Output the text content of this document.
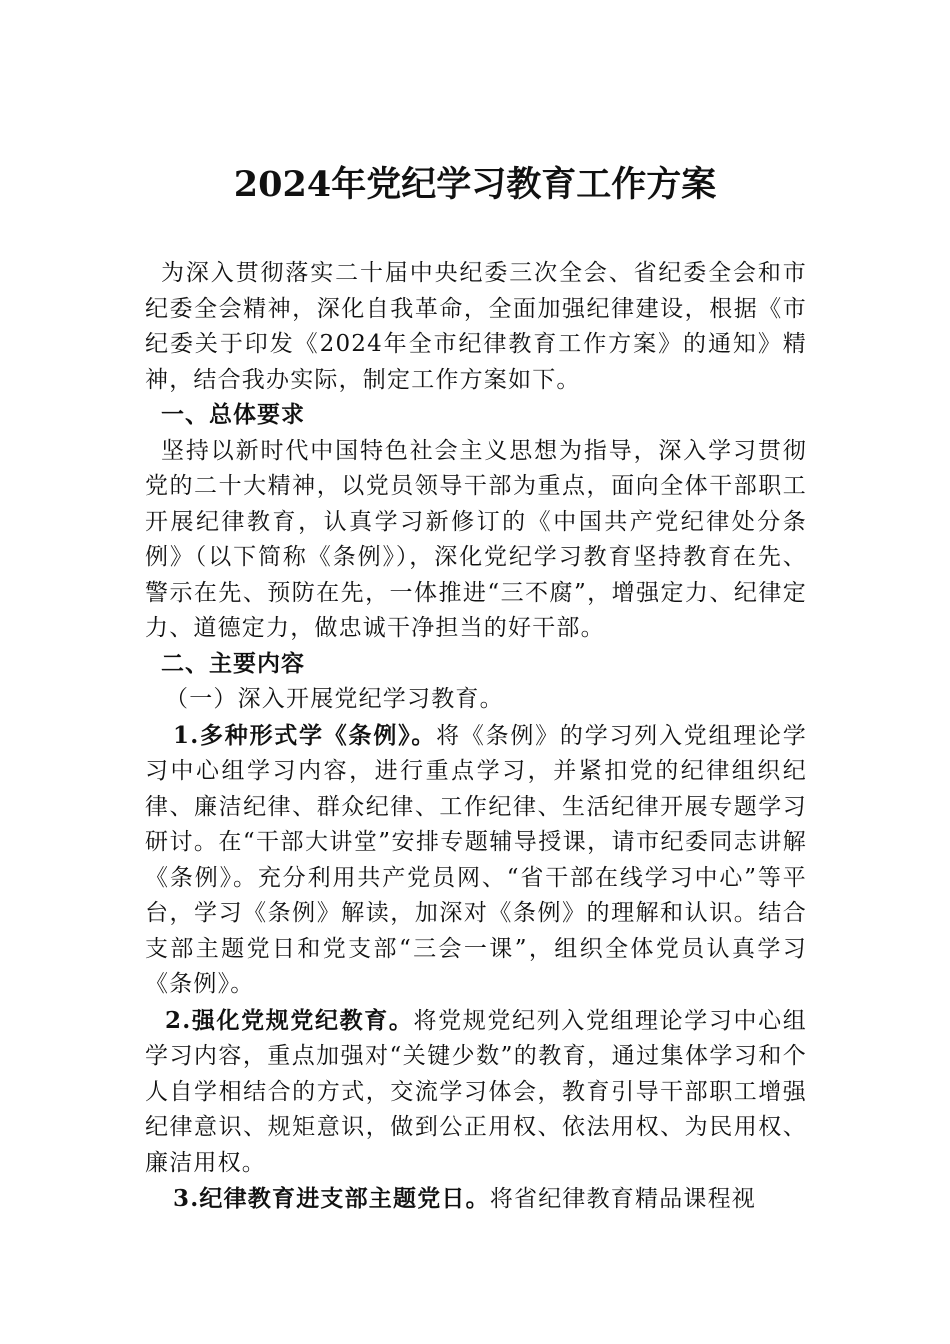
2024年党纪学习教育工作方案

为深入贯彻落实二十届中央纪委三次全会、省纪委全会和市纪委全会精神，深化自我革命，全面加强纪律建设，根据《市纪委关于印发《2024年全市纪律教育工作方案》的通知》精神，结合我办实际，制定工作方案如下。

一、总体要求

坚持以新时代中国特色社会主义思想为指导，深入学习贯彻党的二十大精神，以党员领导干部为重点，面向全体干部职工开展纪律教育，认真学习新修订的《中国共产党纪律处分条例》（以下简称《条例》），深化党纪学习教育坚持教育在先、警示在先、预防在先，一体推进“三不腐”，增强定力、纪律定力、道德定力，做忠诚干净担当的好干部。

二、主要内容

（一）深入开展党纪学习教育。

1.多种形式学《条例》。将《条例》的学习列入党组理论学习中心组学习内容，进行重点学习，并紧扣党的纪律组织纪律、廉洁纪律、群众纪律、工作纪律、生活纪律开展专题学习研讨。在“干部大讲堂”安排专题辅导授课，请市纪委同志讲解《条例》。充分利用共产党员网、“省干部在线学习中心”等平台，学习《条例》解读，加深对《条例》的理解和认识。结合支部主题党日和党支部“三会一课”，组织全体党员认真学习《条例》。

2.强化党规党纪教育。将党规党纪列入党组理论学习中心组学习内容，重点加强对“关键少数”的教育，通过集体学习和个人自学相结合的方式，交流学习体会，教育引导干部职工增强纪律意识、规矩意识，做到公正用权、依法用权、为民用权、廉洁用权。

3.纪律教育进支部主题党日。将省纪律教育精品课程视
